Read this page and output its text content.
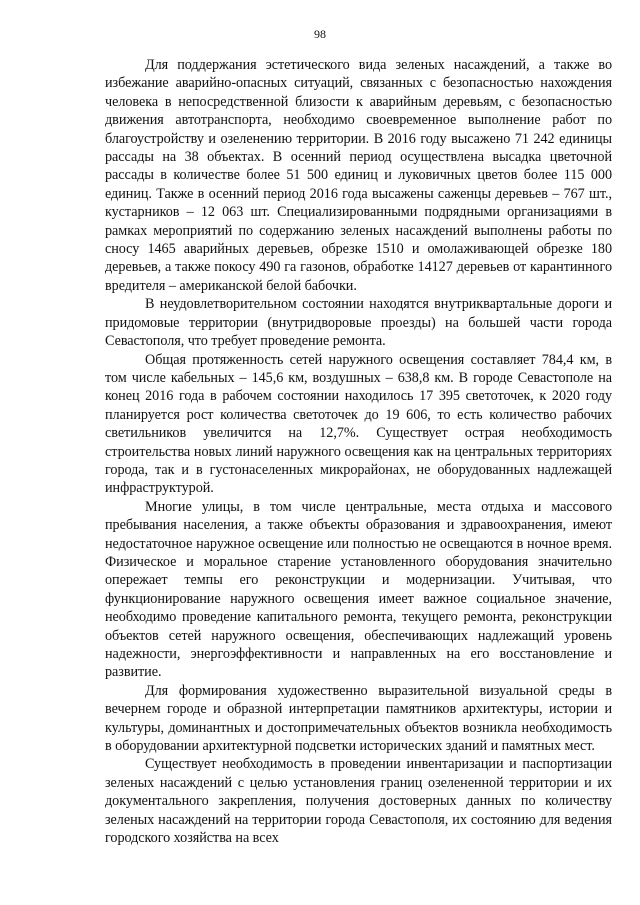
98

Для поддержания эстетического вида зеленых насаждений, а также во избежание аварийно-опасных ситуаций, связанных с безопасностью нахождения человека в непосредственной близости к аварийным деревьям, с безопасностью движения автотранспорта, необходимо своевременное выполнение работ по благоустройству и озеленению территории. В 2016 году высажено 71 242 единицы рассады на 38 объектах. В осенний период осуществлена высадка цветочной рассады в количестве более 51 500 единиц и луковичных цветов более 115 000 единиц. Также в осенний период 2016 года высажены саженцы деревьев – 767 шт., кустарников – 12 063 шт. Специализированными подрядными организациями в рамках мероприятий по содержанию зеленых насаждений выполнены работы по сносу 1465 аварийных деревьев, обрезке 1510 и омолаживающей обрезке 180 деревьев, а также покосу 490 га газонов, обработке 14127 деревьев от карантинного вредителя – американской белой бабочки.

В неудовлетворительном состоянии находятся внутриквартальные дороги и придомовые территории (внутридворовые проезды) на большей части города Севастополя, что требует проведение ремонта.

Общая протяженность сетей наружного освещения составляет 784,4 км, в том числе кабельных – 145,6 км, воздушных – 638,8 км. В городе Севастополе на конец 2016 года в рабочем состоянии находилось 17 395 светоточек, к 2020 году планируется рост количества светоточек до 19 606, то есть количество рабочих светильников увеличится на 12,7%. Существует острая необходимость строительства новых линий наружного освещения как на центральных территориях города, так и в густонаселенных микрорайонах, не оборудованных надлежащей инфраструктурой.

Многие улицы, в том числе центральные, места отдыха и массового пребывания населения, а также объекты образования и здравоохранения, имеют недостаточное наружное освещение или полностью не освещаются в ночное время. Физическое и моральное старение установленного оборудования значительно опережает темпы его реконструкции и модернизации. Учитывая, что функционирование наружного освещения имеет важное социальное значение, необходимо проведение капитального ремонта, текущего ремонта, реконструкции объектов сетей наружного освещения, обеспечивающих надлежащий уровень надежности, энергоэффективности и направленных на его восстановление и развитие.

Для формирования художественно выразительной визуальной среды в вечернем городе и образной интерпретации памятников архитектуры, истории и культуры, доминантных и достопримечательных объектов возникла необходимость в оборудовании архитектурной подсветки исторических зданий и памятных мест.

Существует необходимость в проведении инвентаризации и паспортизации зеленых насаждений с целью установления границ озелененной территории и их документального закрепления, получения достоверных данных по количеству зеленых насаждений на территории города Севастополя, их состоянию для ведения городского хозяйства на всех
